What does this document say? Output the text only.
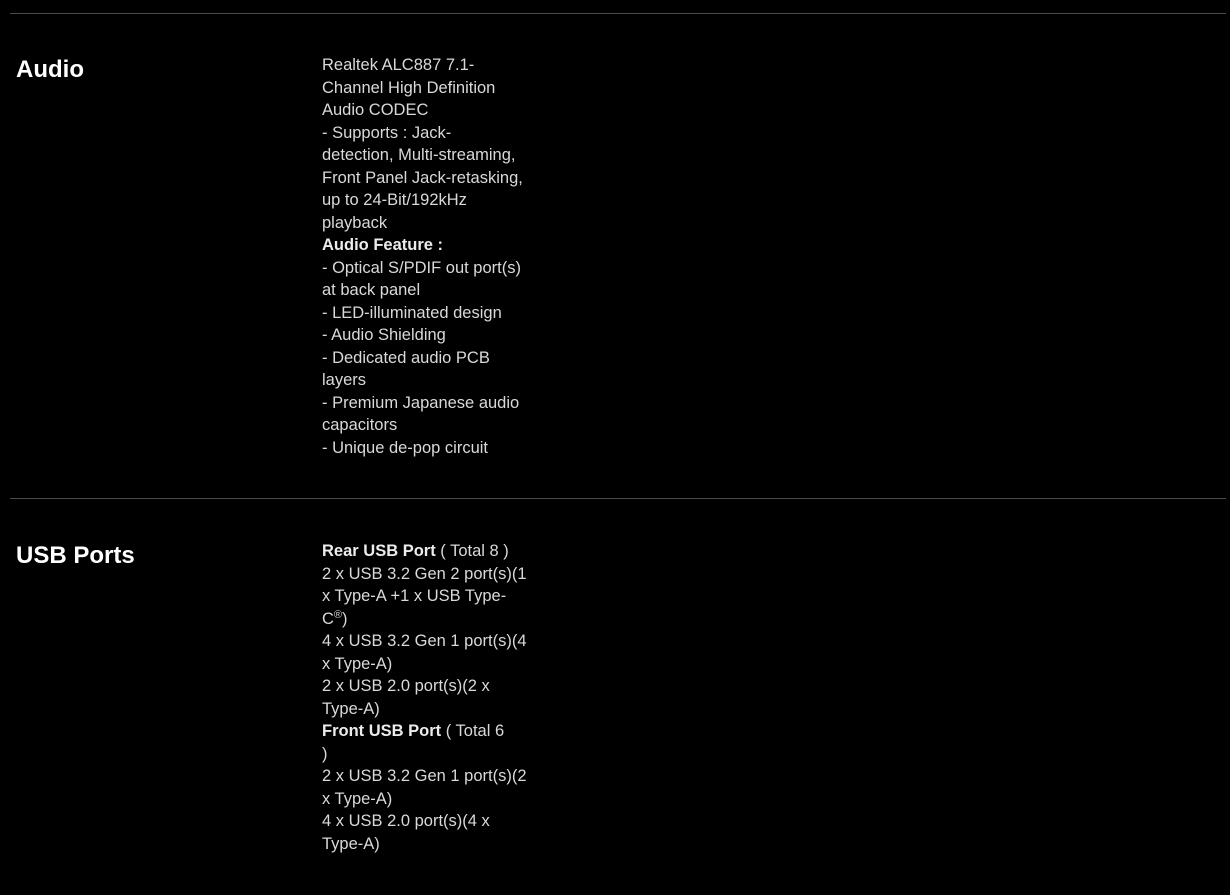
Audio	Realtek ALC887 7.1-
Channel High Definition
Audio CODEC
- Supports : Jack-
detection, Multi-streaming,
Front Panel Jack-retasking,
up to 24-Bit/192kHz
playback
Audio Feature :
- Optical S/PDIF out port(s)
at back panel
- LED-illuminated design
- Audio Shielding
- Dedicated audio PCB
layers
- Premium Japanese audio
capacitors
- Unique de-pop circuit
USB Ports	Rear USB Port ( Total 8 )
2 x USB 3.2 Gen 2 port(s)(1
x Type-A +1 x USB Type-
C®)
4 x USB 3.2 Gen 1 port(s)(4
x Type-A)
2 x USB 2.0 port(s)(2 x
Type-A)
Front USB Port ( Total 6
)
2 x USB 3.2 Gen 1 port(s)(2
x Type-A)
4 x USB 2.0 port(s)(4 x
Type-A)
